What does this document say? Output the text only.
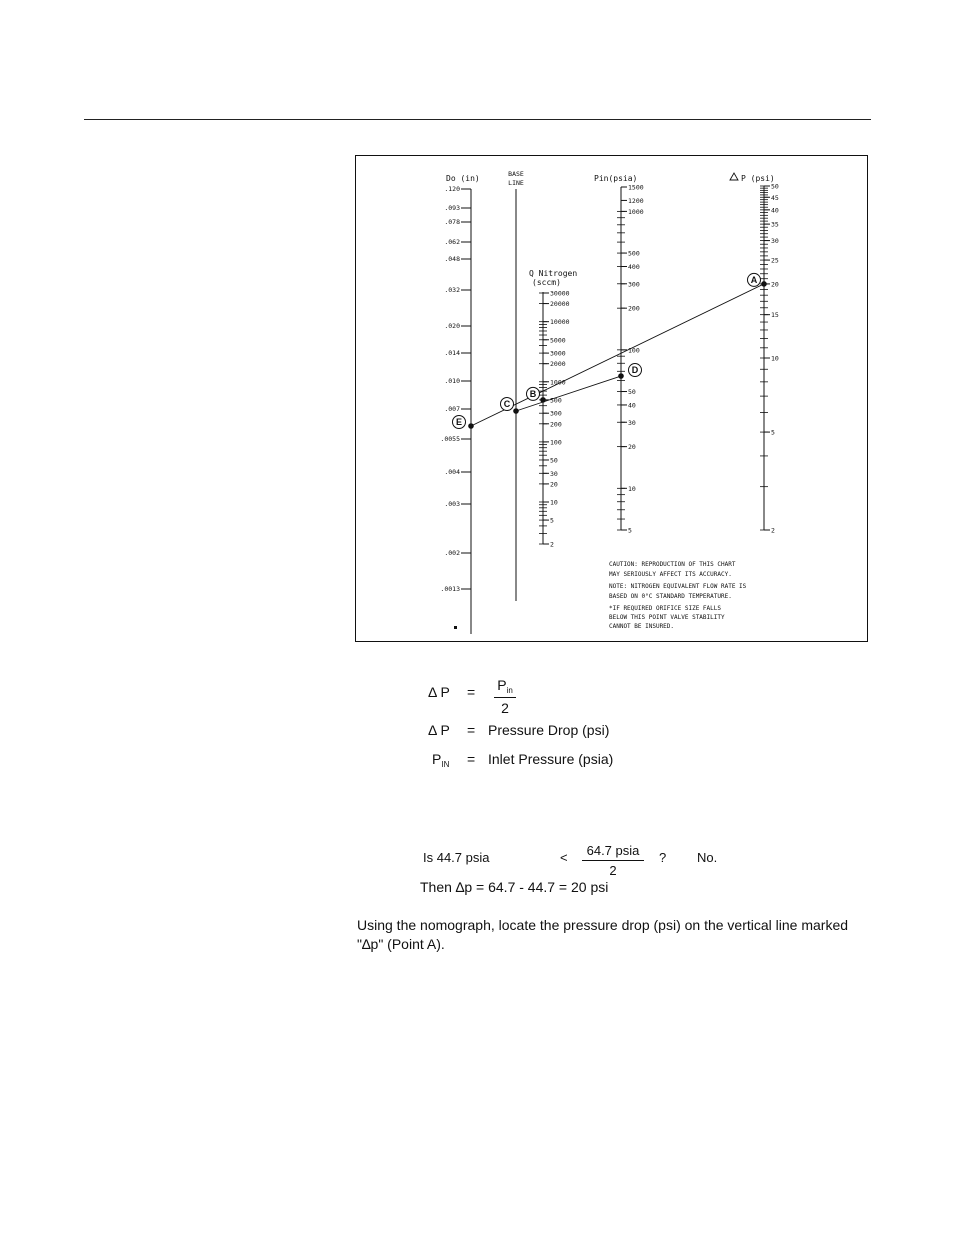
Do (in)
.120
.093
.078
.062
.048
.032
.020
.014
.010
.007
.0055
.004
.003
.002
.0013
BASE
LINE
Q Nitrogen
(sccm)
30000
20000
10000
5000
3000
2000
1000
500
300
200
100
50
30
20
10
5
2
Pin(psia)
1500
1200
1000
500
400
300
200
100
50
40
30
20
10
5
P (psi)
50
45
40
35
30
25
20
15
10
5
2
A
B
C
D
E
CAUTION: REPRODUCTION OF THIS CHART
MAY SERIOUSLY AFFECT ITS ACCURACY.
NOTE: NITROGEN EQUIVALENT FLOW RATE IS
BASED ON 0°C STANDARD TEMPERATURE.
*IF REQUIRED ORIFICE SIZE FALLS
BELOW THIS POINT VALVE STABILITY
CANNOT BE INSURED.
Δ $P = P_{in}$
2
Δ P = Pressure Drop (psi)
$P_{IN}$ = Inlet Pressure (psia)
Is 44.7 psia	<	64.7 psia
2
? No.
Then ∆p = 64.7 - 44.7 = 20 psi
Using the nomograph, locate the pressure drop (psi) on the vertical line marked "∆p" (Point A).
